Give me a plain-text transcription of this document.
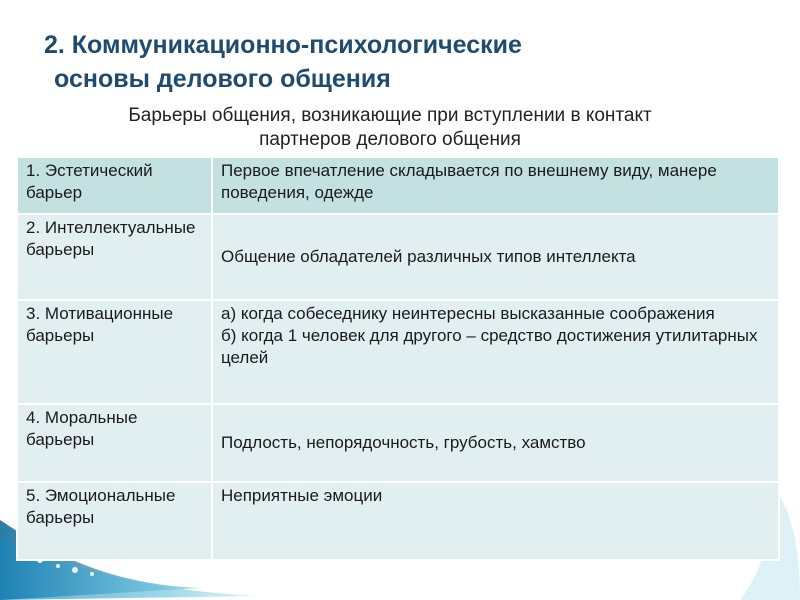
2. Коммуникационно-психологические
основы делового общения
Барьеры общения, возникающие при вступлении в контакт
партнеров делового общения
1. Эстетический барьер	Первое впечатление складывается по внешнему виду, манере поведения, одежде
2. Интеллектуальные барьеры	Общение обладателей различных типов интеллекта
3. Мотивационные барьеры	а) когда собеседнику неинтересны высказанные соображения
б) когда 1 человек для другого – средство достижения утилитарных целей

4. Моральные барьеры	Подлость, непорядочность, грубость, хамство
5. Эмоциональные барьеры	Неприятные эмоции
